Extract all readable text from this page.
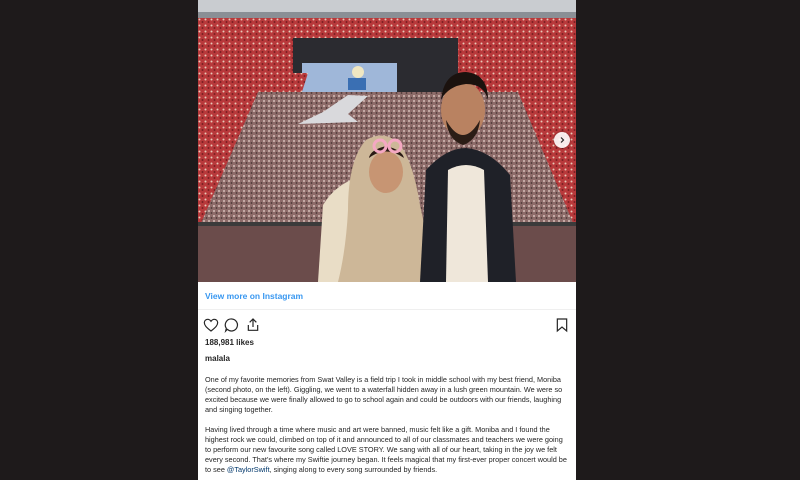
View more on Instagram
188,981 likes
malala

One of my favorite memories from Swat Valley is a field trip I took in middle school with my best friend, Moniba (second photo, on the left). Giggling, we went to a waterfall hidden away in a lush green mountain. We were so excited because we were finally allowed to go to school again and could be outdoors with our friends, laughing and singing together.

Having lived through a time where music and art were banned, music felt like a gift. Moniba and I found the highest rock we could, climbed on top of it and announced to all of our classmates and teachers we were going to perform our new favourite song called LOVE STORY. We sang with all of our heart, taking in the joy we felt every second. That’s where my Swiftie journey began. It feels magical that my first-ever proper concert would be to see @TaylorSwift, singing along to every song surrounded by friends.
